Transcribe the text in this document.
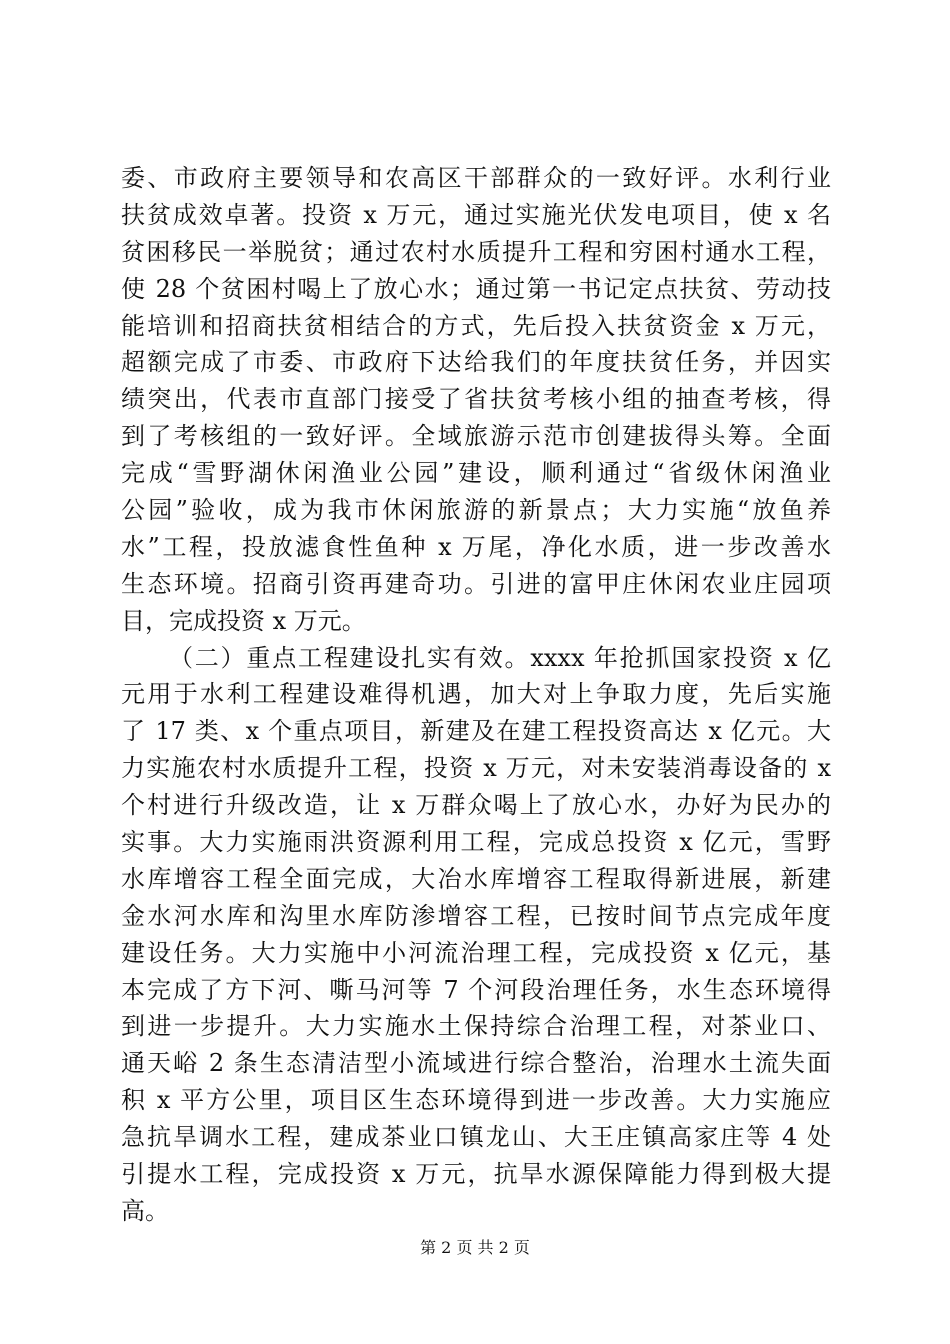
委、市政府主要领导和农高区干部群众的一致好评。水利行业
扶贫成效卓著。投资 x 万元，通过实施光伏发电项目，使 x 名
贫困移民一举脱贫；通过农村水质提升工程和穷困村通水工程，
使 28 个贫困村喝上了放心水；通过第一书记定点扶贫、劳动技
能培训和招商扶贫相结合的方式，先后投入扶贫资金 x 万元，
超额完成了市委、市政府下达给我们的年度扶贫任务，并因实
绩突出，代表市直部门接受了省扶贫考核小组的抽查考核，得
到了考核组的一致好评。全域旅游示范市创建拔得头筹。全面
完成“雪野湖休闲渔业公园”建设，顺利通过“省级休闲渔业
公园”验收，成为我市休闲旅游的新景点；大力实施“放鱼养
水”工程，投放滤食性鱼种 x 万尾，净化水质，进一步改善水
生态环境。招商引资再建奇功。引进的富甲庄休闲农业庄园项
目，完成投资 x 万元。
（二）重点工程建设扎实有效。xxxx 年抢抓国家投资 x 亿
元用于水利工程建设难得机遇，加大对上争取力度，先后实施
了 17 类、x 个重点项目，新建及在建工程投资高达 x 亿元。大
力实施农村水质提升工程，投资 x 万元，对未安装消毒设备的 x
个村进行升级改造，让 x 万群众喝上了放心水，办好为民办的
实事。大力实施雨洪资源利用工程，完成总投资 x 亿元，雪野
水库增容工程全面完成，大冶水库增容工程取得新进展，新建
金水河水库和沟里水库防渗增容工程，已按时间节点完成年度
建设任务。大力实施中小河流治理工程，完成投资 x 亿元，基
本完成了方下河、嘶马河等 7 个河段治理任务，水生态环境得
到进一步提升。大力实施水土保持综合治理工程，对茶业口、
通天峪 2 条生态清洁型小流域进行综合整治，治理水土流失面
积 x 平方公里，项目区生态环境得到进一步改善。大力实施应
急抗旱调水工程，建成茶业口镇龙山、大王庄镇高家庄等 4 处
引提水工程，完成投资 x 万元，抗旱水源保障能力得到极大提
高。
第 2 页 共 2 页
